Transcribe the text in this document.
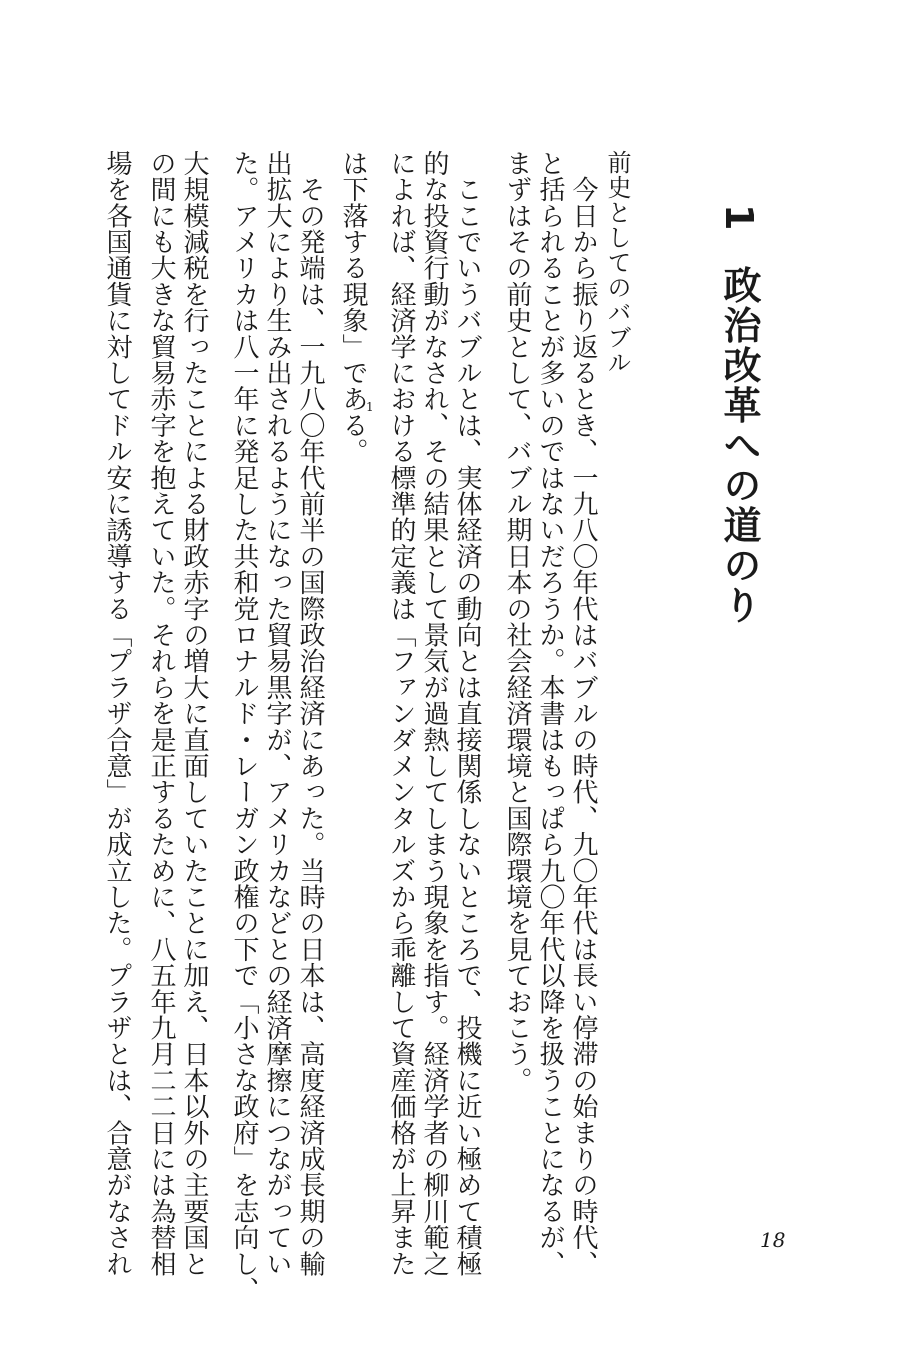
1 政治改革への道のり
前史としてのバブル
　今日から振り返るとき、一九八〇年代はバブルの時代、九〇年代は長い停滞の始まりの時代、
と括られることが多いのではないだろうか。本書はもっぱら九〇年代以降を扱うことになるが、
まずはその前史として、バブル期日本の社会経済環境と国際環境を見ておこう。
　ここでいうバブルとは、実体経済の動向とは直接関係しないところで、投機に近い極めて積極
的な投資行動がなされ、その結果として景気が過熱してしまう現象を指す。経済学者の柳川範之
によれば、経済学における標準的定義は「ファンダメンタルズから乖離して資産価格が上昇また
は下落する現象」である。
　その発端は、一九八〇年代前半の国際政治経済にあった。当時の日本は、高度経済成長期の輸
出拡大により生み出されるようになった貿易黒字が、アメリカなどとの経済摩擦につながってい
た。アメリカは八一年に発足した共和党ロナルド・レーガン政権の下で「小さな政府」を志向し、
大規模減税を行ったことによる財政赤字の増大に直面していたことに加え、日本以外の主要国と
の間にも大きな貿易赤字を抱えていた。それらを是正するために、八五年九月二二日には為替相
場を各国通貨に対してドル安に誘導する「プラザ合意」が成立した。プラザとは、合意がなされ	1
18
